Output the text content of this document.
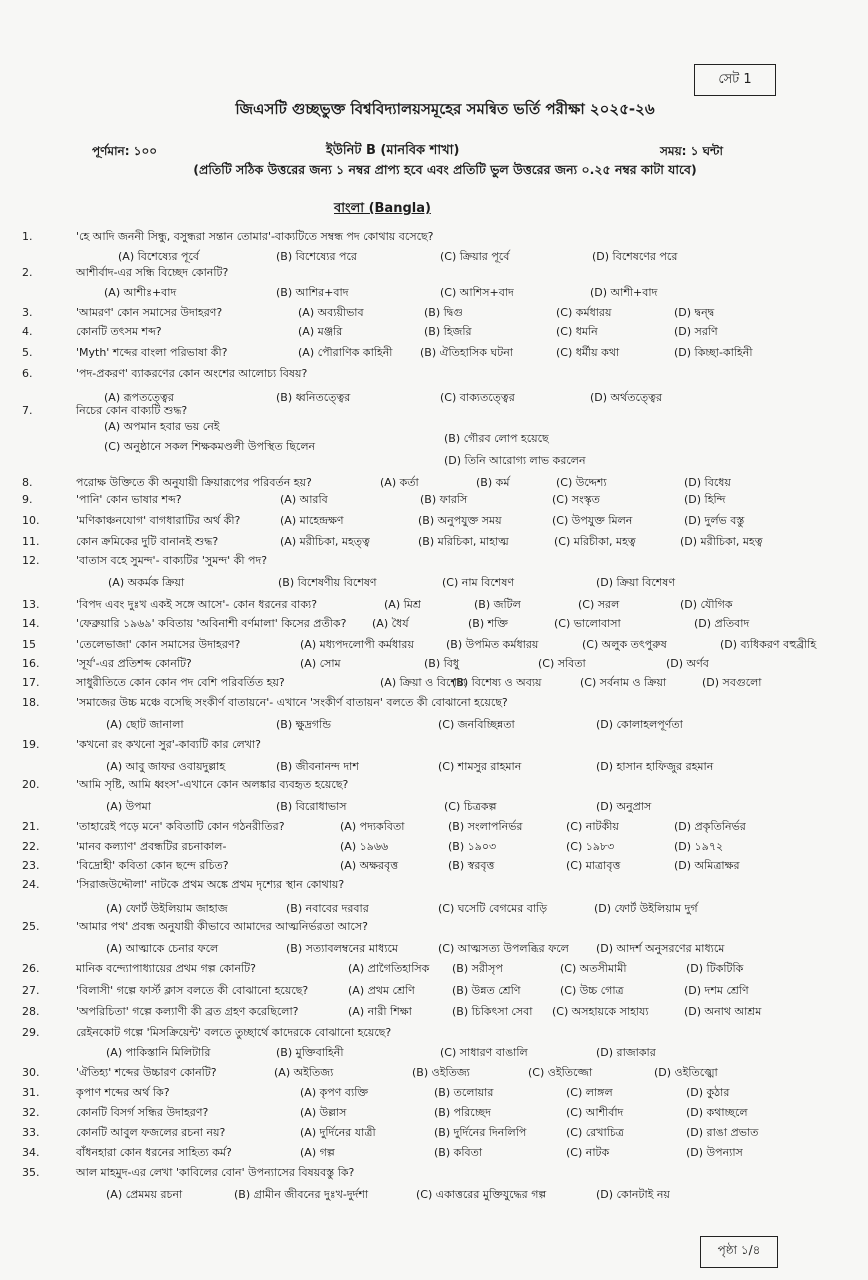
সেট 1
জিএসটি গুচ্ছভুক্ত বিশ্ববিদ্যালয়সমূহের সমন্বিত ভর্তি পরীক্ষা ২০২৫-২৬
পূর্ণমান: ১০০	ইউনিট B (মানবিক শাখা)	সময়: ১ ঘন্টা
(প্রতিটি সঠিক উত্তরের জন্য ১ নম্বর প্রাপ্য হবে এবং প্রতিটি ভুল উত্তরের জন্য ০.২৫ নম্বর কাটা যাবে)
বাংলা (Bangla)
1.	'হে আদি জননী সিন্ধু, বসুন্ধরা সন্তান তোমার'-বাক্যটিতে সম্বন্ধ পদ কোথায় বসেছে?
(A) বিশেষ্যের পূর্বে	(B) বিশেষ্যের পরে	(C) ক্রিয়ার পূর্বে	(D) বিশেষণের পরে
2.	আশীর্বাদ-এর সন্ধি বিচ্ছেদ কোনটি?
(A) আশীঃ+বাদ	(B) আশির+বাদ	(C) আশিস+বাদ	(D) আশী+বাদ
3.	'আমরণ' কোন সমাসের উদাহরণ?	(A) অব্যয়ীভাব	(B) দ্বিগু	(C) কর্মধারয়	(D) দ্বন্দ্ব
4.	কোনটি তৎসম শব্দ?	(A) মঞ্জরি	(B) হিজরি	(C) ধমনি	(D) সরণি
5.	'Myth' শব্দের বাংলা পরিভাষা কী?	(A) পৌরাণিক কাহিনী	(B) ঐতিহাসিক ঘটনা	(C) ধর্মীয় কথা	(D) কিচ্ছা-কাহিনী
6.	'পদ-প্রকরণ' ব্যাকরণের কোন অংশের আলোচ্য বিষয়?
(A) রূপতত্ত্বের	(B) ধ্বনিতত্ত্বের	(C) বাক্যতত্ত্বের	(D) অর্থতত্ত্বের
7.	নিচের কোন বাক্যটি শুদ্ধ?
(A) অপমান হবার ভয় নেই
(B) গৌরব লোপ হয়েছে
(C) অনুষ্ঠানে সকল শিক্ষকমণ্ডলী উপস্থিত ছিলেন
(D) তিনি আরোগ্য লাভ করলেন
8.	পরোক্ষ উক্তিতে কী অনুযায়ী ক্রিয়ারূপের পরিবর্তন হয়?	(A) কর্তা	(B) কর্ম	(C) উদ্দেশ্য	(D) বিধেয়
9.	'পানি' কোন ভাষার শব্দ?	(A) আরবি	(B) ফারসি	(C) সংস্কৃত	(D) হিন্দি
10.	'মণিকাঞ্চনযোগ' বাগধারাটির অর্থ কী?	(A) মাহেন্দ্রক্ষণ	(B) অনুপযুক্ত সময়	(C) উপযুক্ত মিলন	(D) দুর্লভ বস্তু
11.	কোন ক্রমিকের দুটি বানানই শুদ্ধ?	(A) মরীচিকা, মহত্ত্ব	(B) মরিচিকা, মাহাত্ম	(C) মরিচীকা, মহত্ব	(D) মরীচিকা, মহত্ব
12.	'বাতাস বহে সুমন্দ'- বাক্যটির 'সুমন্দ' কী পদ?
(A) অকর্মক ক্রিয়া	(B) বিশেষণীয় বিশেষণ	(C) নাম বিশেষণ	(D) ক্রিয়া বিশেষণ
13.	'বিপদ এবং দুঃখ একই সঙ্গে আসে'- কোন ধরনের বাক্য?	(A) মিশ্র	(B) জটিল	(C) সরল	(D) যৌগিক
14.	'ফেব্রুয়ারি ১৯৬৯' কবিতায় 'অবিনাশী বর্ণমালা' কিসের প্রতীক? (A) ধৈর্য	(B) শক্তি	(C) ভালোবাসা	(D) প্রতিবাদ
15	'তেলেভাজা' কোন সমাসের উদাহরণ?	(A) মধ্যপদলোপী কর্মধারয়	(B) উপমিত কর্মধারয়	(C) অলুক তৎপুরুষ	(D) ব্যধিকরণ বহুব্রীহি
16.	'সূর্য'-এর প্রতিশব্দ কোনটি?	(A) সোম	(B) বিধু	(C) সবিতা	(D) অর্ণব
17.	সাধুরীতিতে কোন কোন পদ বেশি পরিবর্তিত হয়?	(A) ক্রিয়া ও বিশেষ্য
(B) বিশেষ্য ও অব্যয়	(C) সর্বনাম ও ক্রিয়া	(D) সবগুলো
18.	'সমাজের উচ্চ মঞ্চে বসেছি সংকীর্ণ বাতায়নে'- এখানে 'সংকীর্ণ বাতায়ন' বলতে কী বোঝানো হয়েছে?
(A) ছোট জানালা	(B) ক্ষুদ্রগন্ডি	(C) জনবিচ্ছিন্নতা	(D) কোলাহলপূর্ণতা
19.	'কখনো রং কখনো সুর'-কাব্যটি কার লেখা?
(A) আবু জাফর ওবায়দুল্লাহ	(B) জীবনানন্দ দাশ	(C) শামসুর রাহমান	(D) হাসান হাফিজুর রহমান
20.	'আমি সৃষ্টি, আমি ধ্বংস'-এখানে কোন অলঙ্কার ব্যবহৃত হয়েছে?
(A) উপমা	(B) বিরোধাভাস	(C) চিত্রকল্প	(D) অনুপ্রাস
21.	'তাহারেই পড়ে মনে' কবিতাটি কোন গঠনরীতির?	(A) পদ্যকবিতা	(B) সংলাপনির্ভর	(C) নাটকীয়	(D) প্রকৃতিনির্ভর
22.	'মানব কল্যাণ' প্রবন্ধটির রচনাকাল-	(A) ১৯৬৬	(B) ১৯০৩	(C) ১৯৮৩	(D) ১৯৭২
23.	'বিদ্রোহী' কবিতা কোন ছন্দে রচিত?	(A) অক্ষরবৃত্ত	(B) স্বরবৃত্ত	(C) মাত্রাবৃত্ত	(D) অমিত্রাক্ষর
24.	'সিরাজউদ্দৌলা' নাটকে প্রথম অঙ্কে প্রথম দৃশ্যের স্থান কোথায়?
(A) ফোর্ট উইলিয়াম জাহাজ	(B) নবাবের দরবার	(C) ঘসেটি বেগমের বাড়ি	(D) ফোর্ট উইলিয়াম দুর্গ
25.	'আমার পথ' প্রবন্ধ অনুযায়ী কীভাবে আমাদের আত্মনির্ভরতা আসে?
(A) আত্মাকে চেনার ফলে	(B) সত্যাবলম্বনের মাধ্যমে	(C) আত্মসত্য উপলব্ধির ফলে (D) আদর্শ অনুসরণের মাধ্যমে
26.	মানিক বন্দ্যোপাধ্যায়ের প্রথম গল্প কোনটি?	(A) প্রাগৈতিহাসিক (B) সরীসৃপ	(C) অতসীমামী	(D) টিকটিকি
27.	'বিলাসী' গল্পে ফার্স্ট ক্লাস বলতে কী বোঝানো হয়েছে?	(A) প্রথম শ্রেণি	(B) উন্নত শ্রেণি	(C) উচ্চ গোত্র	(D) দশম শ্রেণি
28.	'অপরিচিতা' গল্পে কল্যাণী কী ব্রত গ্রহণ করেছিলো?	(A) নারী শিক্ষা	(B) চিকিৎসা সেবা (C) অসহায়কে সাহায্য	(D) অনাথ আশ্রম
29.	রেইনকোট গল্পে 'মিসক্রিয়েন্ট' বলতে তুচ্ছার্থে কাদেরকে বোঝানো হয়েছে?
(A) পাকিস্তানি মিলিটারি	(B) মুক্তিবাহিনী	(C) সাধারণ বাঙালি	(D) রাজাকার
30.	'ঐতিহ্য' শব্দের উচ্চারণ কোনটি?	(A) অইতিজ্য	(B) ওইতিজ্য	(C) ওইতিজ্জো	(D) ওইতিজ্ঝো
31.	কৃপাণ শব্দের অর্থ কি?	(A) কৃপণ ব্যক্তি	(B) তলোয়ার	(C) লাঙ্গল	(D) কুঠার
32.	কোনটি বিসর্গ সন্ধির উদাহরণ?	(A) উল্লাস	(B) পরিচ্ছেদ	(C) আশীর্বাদ	(D) কথাচ্ছলে
33.	কোনটি আবুল ফজলের রচনা নয়?	(A) দুর্দিনের যাত্রী	(B) দুর্দিনের দিনলিপি	(C) রেখাচিত্র	(D) রাঙা প্রভাত
34.	বাঁধনহারা কোন ধরনের সাহিত্য কর্ম?	(A) গল্প	(B) কবিতা	(C) নাটক	(D) উপন্যাস
35.	আল মাহমুদ-এর লেখা 'কাবিলের বোন' উপন্যাসের বিষয়বস্তু কি?
(A) প্রেমময় রচনা	(B) গ্রামীন জীবনের দুঃখ-দুর্দশা	(C) একাত্তরের মুক্তিযুদ্ধের গল্প	(D) কোনটাই নয়
পৃষ্ঠা ১/৪
